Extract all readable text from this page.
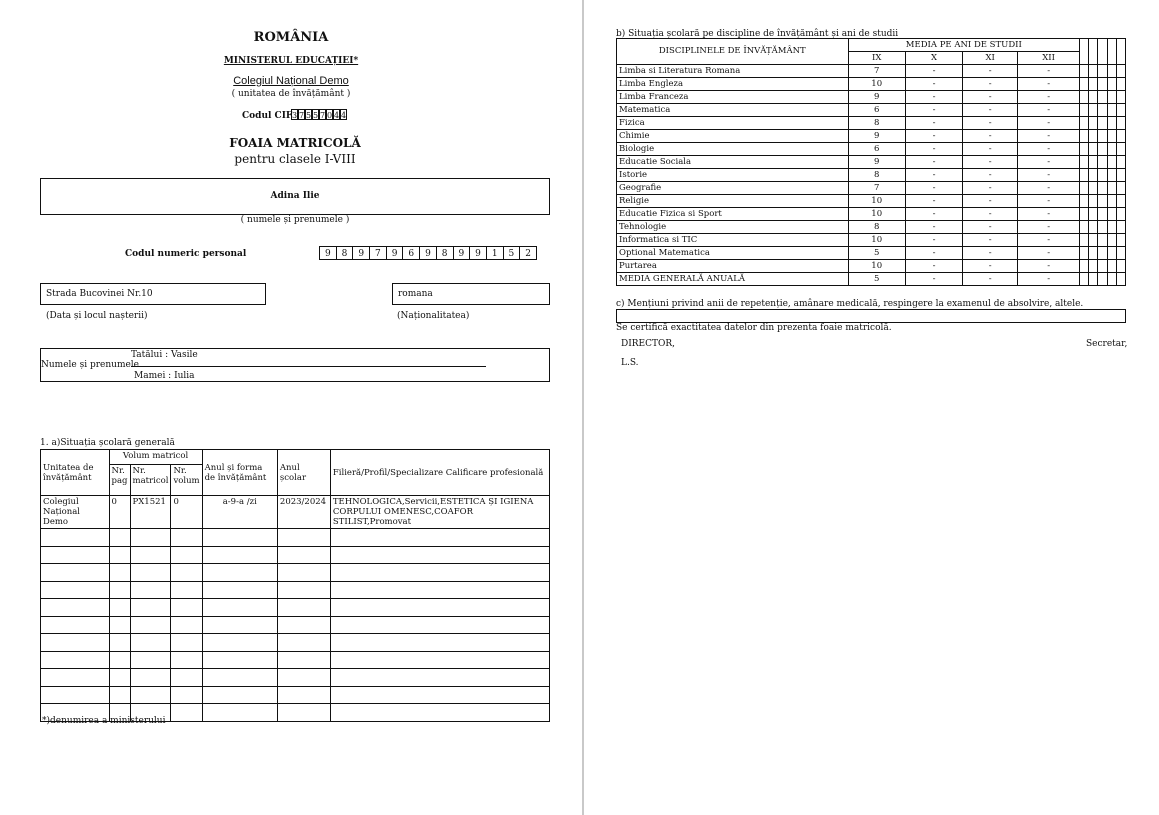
ROMÂNIA
MINISTERUL EDUCAȚIEI*
Colegiul Național Demo
( unitatea de învățământ )
Codul CIF 3 7 5 5 7 0 4 4
FOAIA MATRICOLĂ
pentru clasele I-VIII
Adina Ilie
( numele și prenumele )
Codul numeric personal	9	8	9	7	9	6	9	8	9	9	1	5	2
Strada Bucovinei Nr.10
(Data și locul nașterii)
romana
(Naționalitatea)
Numele și prenumele
Tatălui : Vasile
Mamei : Iulia
1. a)Situația școlară generală
Unitatea de învățământ	Volum matricol			Anul și forma de învățământ	Anul școlar	Filieră/Profil/Specializare Calificare profesională
	Nr. pag	Nr. matricol	Nr. volum			
Colegiul Național Demo	0	PX1521	0	a-9-a /zi	2023/2024	TEHNOLOGICA,Servicii,ESTETICA ȘI IGIENA CORPULUI OMENESC,COAFOR STILIST,Promovat

*)denumirea a ministerului
b) Situația școlară pe discipline de învățământ și ani de studii
DISCIPLINELE DE ÎNVĂȚĂMÂNT	MEDIA PE ANI DE STUDII								
	IX	X	XI	XII					
Limba si Literatura Romana	7	-	-	-					
Limba Engleza	10	-	-	-					
Limba Franceza	9	-	-	-					
Matematica	6	-	-	-					
Fizica	8	-	-	-					
Chimie	9	-	-	-					
Biologie	6	-	-	-					
Educatie Sociala	9	-	-	-					
Istorie	8	-	-	-					
Geografie	7	-	-	-					
Religie	10	-	-	-					
Educatie Fizica si Sport	10	-	-	-					
Tehnologie	8	-	-	-					
Informatica si TIC	10	-	-	-					
Optional Matematica	5	-	-	-					
Purtarea	10	-	-	-					
MEDIA GENERALĂ ANUALĂ	5	-	-	-					
c) Mențiuni privind anii de repetenție, amânare medicală, respingere la examenul de absolvire, altele.
Se certifică exactitatea datelor din prezenta foaie matricolă.
DIRECTOR,	Secretar,
L.S.
